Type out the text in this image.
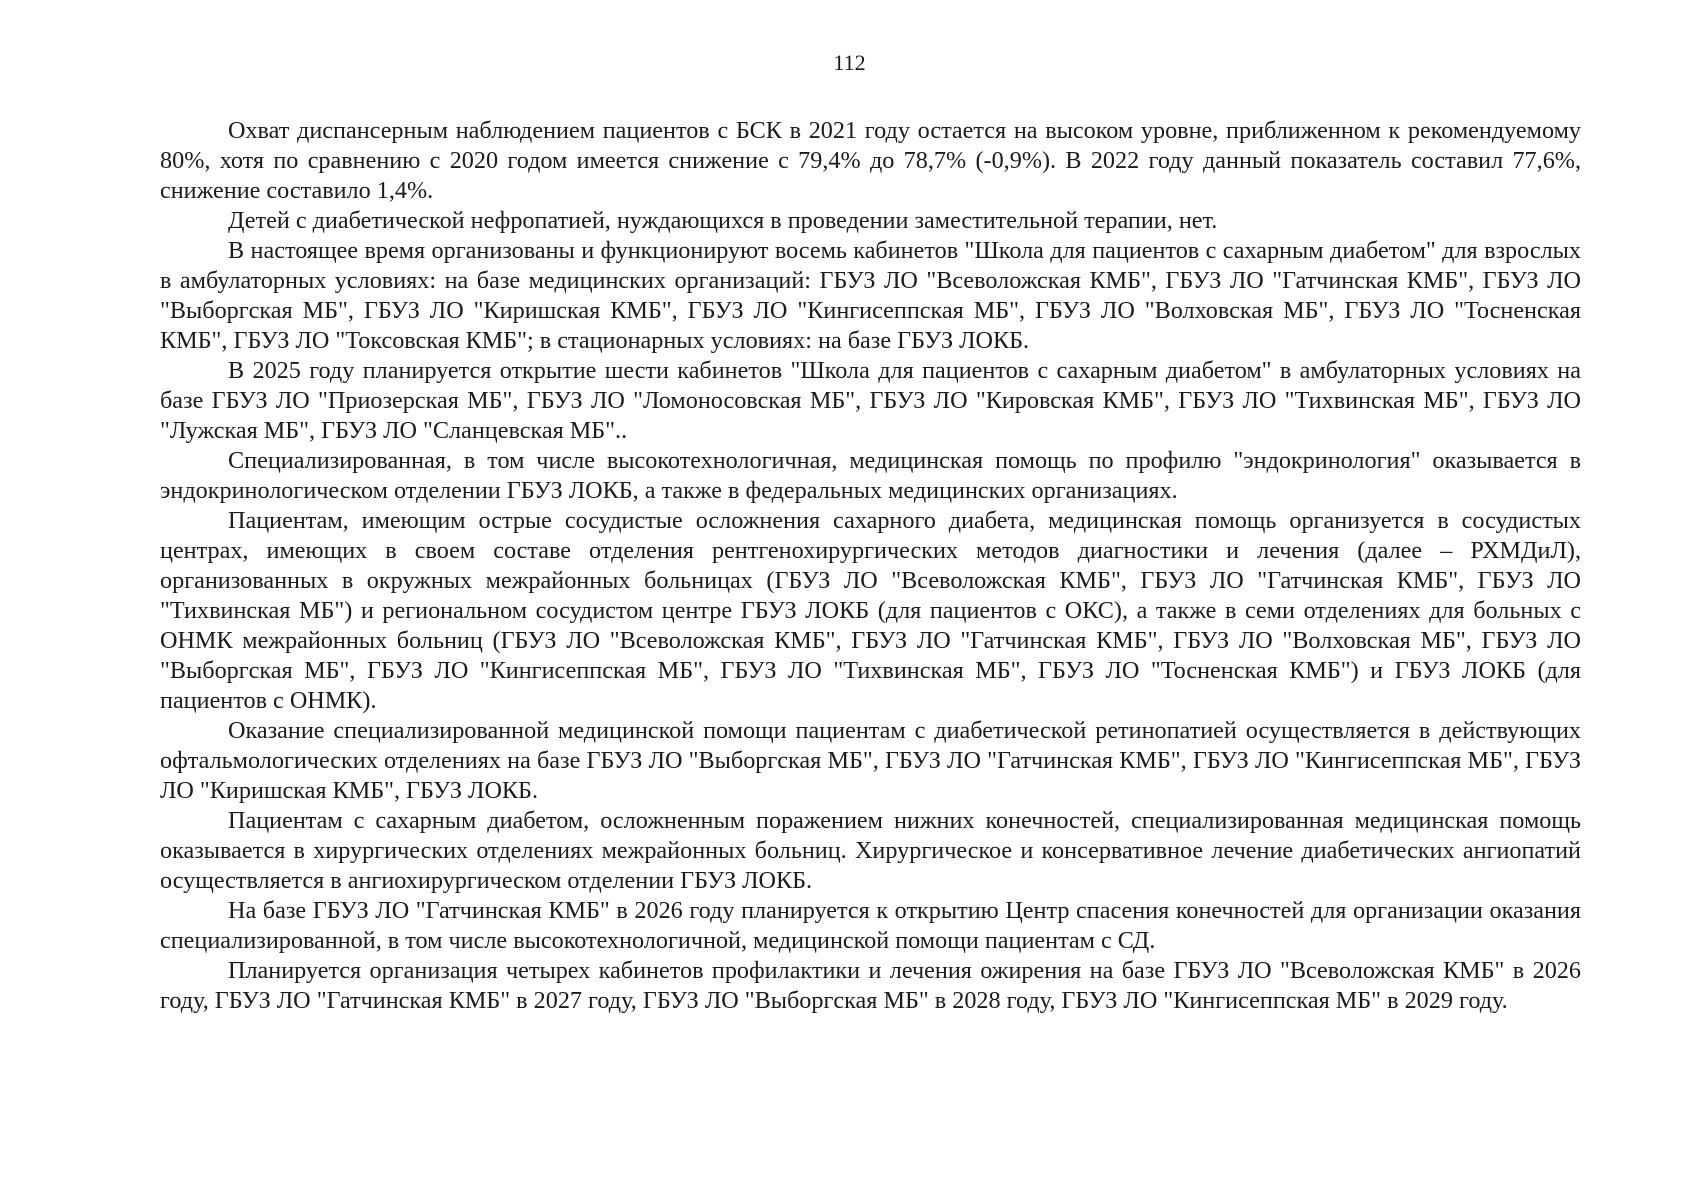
112

Охват диспансерным наблюдением пациентов с БСК в 2021 году остается на высоком уровне, приближенном к рекомендуемому 80%, хотя по сравнению с 2020 годом имеется снижение с 79,4% до 78,7% (-0,9%). В 2022 году данный показатель составил 77,6%, снижение составило 1,4%.

Детей с диабетической нефропатией, нуждающихся в проведении заместительной терапии, нет.

В настоящее время организованы и функционируют восемь кабинетов "Школа для пациентов с сахарным диабетом" для взрослых в амбулаторных условиях: на базе медицинских организаций: ГБУЗ ЛО "Всеволожская КМБ", ГБУЗ ЛО "Гатчинская КМБ", ГБУЗ ЛО "Выборгская МБ", ГБУЗ ЛО "Киришская КМБ", ГБУЗ ЛО "Кингисеппская МБ", ГБУЗ ЛО "Волховская МБ", ГБУЗ ЛО "Тосненская КМБ", ГБУЗ ЛО "Токсовская КМБ"; в стационарных условиях: на базе ГБУЗ ЛОКБ.

В 2025 году планируется открытие шести кабинетов "Школа для пациентов с сахарным диабетом" в амбулаторных условиях на базе ГБУЗ ЛО "Приозерская МБ", ГБУЗ ЛО "Ломоносовская МБ", ГБУЗ ЛО "Кировская КМБ", ГБУЗ ЛО "Тихвинская МБ", ГБУЗ ЛО "Лужская МБ", ГБУЗ ЛО "Сланцевская МБ"..

Специализированная, в том числе высокотехнологичная, медицинская помощь по профилю "эндокринология" оказывается в эндокринологическом отделении ГБУЗ ЛОКБ, а также в федеральных медицинских организациях.

Пациентам, имеющим острые сосудистые осложнения сахарного диабета, медицинская помощь организуется в сосудистых центрах, имеющих в своем составе отделения рентгенохирургических методов диагностики и лечения (далее – РХМДиЛ), организованных в окружных межрайонных больницах (ГБУЗ ЛО "Всеволожская КМБ", ГБУЗ ЛО "Гатчинская КМБ", ГБУЗ ЛО "Тихвинская МБ") и региональном сосудистом центре ГБУЗ ЛОКБ (для пациентов с ОКС), а также в семи отделениях для больных с ОНМК межрайонных больниц (ГБУЗ ЛО "Всеволожская КМБ", ГБУЗ ЛО "Гатчинская КМБ", ГБУЗ ЛО "Волховская МБ", ГБУЗ ЛО "Выборгская МБ", ГБУЗ ЛО "Кингисеппская МБ", ГБУЗ ЛО "Тихвинская МБ", ГБУЗ ЛО "Тосненская КМБ") и ГБУЗ ЛОКБ (для пациентов с ОНМК).

Оказание специализированной медицинской помощи пациентам с диабетической ретинопатией осуществляется в действующих офтальмологических отделениях на базе ГБУЗ ЛО "Выборгская МБ", ГБУЗ ЛО "Гатчинская КМБ", ГБУЗ ЛО "Кингисеппская МБ", ГБУЗ ЛО "Киришская КМБ", ГБУЗ ЛОКБ.

Пациентам с сахарным диабетом, осложненным поражением нижних конечностей, специализированная медицинская помощь оказывается в хирургических отделениях межрайонных больниц. Хирургическое и консервативное лечение диабетических ангиопатий осуществляется в ангиохирургическом отделении ГБУЗ ЛОКБ.

На базе ГБУЗ ЛО "Гатчинская КМБ" в 2026 году планируется к открытию Центр спасения конечностей для организации оказания специализированной, в том числе высокотехнологичной, медицинской помощи пациентам с СД.

Планируется организация четырех кабинетов профилактики и лечения ожирения на базе ГБУЗ ЛО "Всеволожская КМБ" в 2026 году, ГБУЗ ЛО "Гатчинская КМБ" в 2027 году, ГБУЗ ЛО "Выборгская МБ" в 2028 году, ГБУЗ ЛО "Кингисеппская МБ" в 2029 году.
